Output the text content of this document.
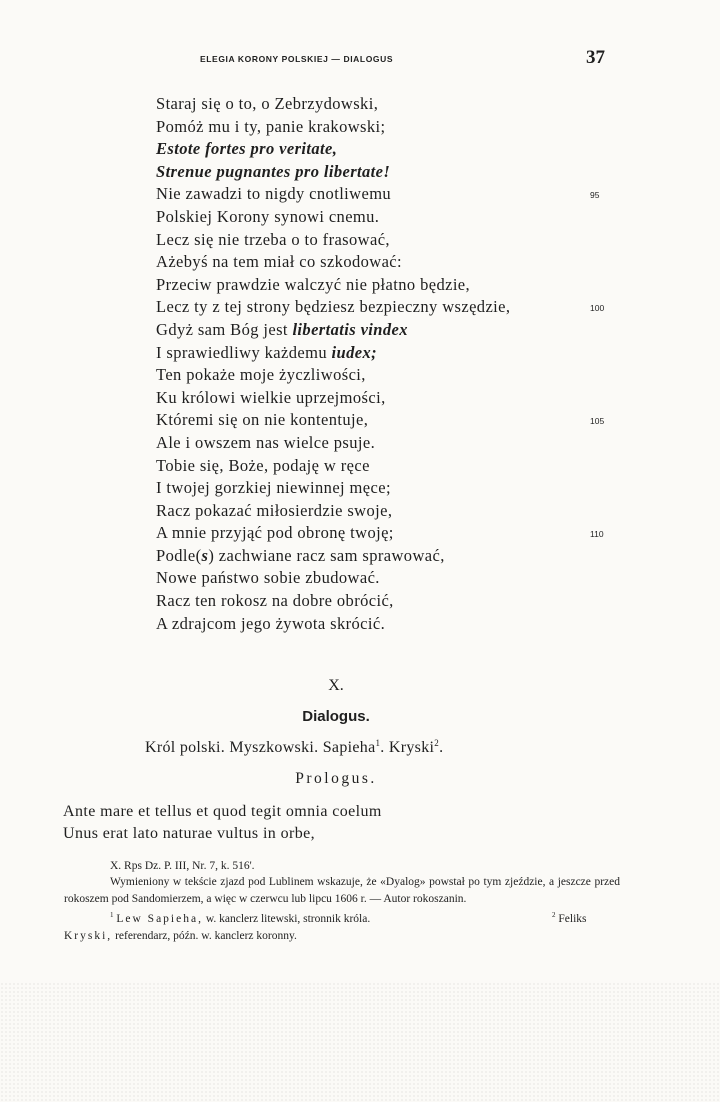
ELEGIA KORONY POLSKIEJ — DIALOGUS	37
Staraj się o to, o Zebrzydowski,
Pomóż mu i ty, panie krakowski;
Estote fortes pro veritate,
Strenue pugnantes pro libertate!
Nie zawadzi to nigdy cnotliwemu
Polskiej Korony synowi cnemu.
Lecz się nie trzeba o to frasować,
Ażebyś na tem miał co szkodować:
Przeciw prawdzie walczyć nie płatno będzie,
Lecz ty z tej strony będziesz bezpieczny wszędzie,
Gdyż sam Bóg jest libertatis vindex
I sprawiedliwy każdemu iudex;
Ten pokaże moje życzliwości,
Ku królowi wielkie uprzejmości,
Któremi się on nie kontentuje,
Ale i owszem nas wielce psuje.
Tobie się, Boże, podaję w ręce
I twojej gorzkiej niewinnej męce;
Racz pokazać miłosierdzie swoje,
A mnie przyjąć pod obronę twoję;
Podle(s) zachwiane racz sam sprawować,
Nowe państwo sobie zbudować.
Racz ten rokosz na dobre obrócić,
A zdrajcom jego żywota skrócić.
95
100
105
110
X.
Dialogus.
Król polski. Myszkowski. Sapieha$^1$. Kryski$^2$.
Prologus.
Ante mare et tellus et quod tegit omnia coelum
Unus erat lato naturae vultus in orbe,
X. Rps Dz. P. III, Nr. 7, k. 516'.
Wymieniony w tekście zjazd pod Lublinem wskazuje, że «Dyalog» powstał po tym zjeździe, a jeszcze przed rokoszem pod Sandomierzem, a więc w czerwcu lub lipcu 1606 r. — Autor rokoszanin.
$^1$ Lew Sapieha, w. kanclerz litewski, stronnik króla.	$^2$ Feliks
Kryski, referendarz, późn. w. kanclerz koronny.
